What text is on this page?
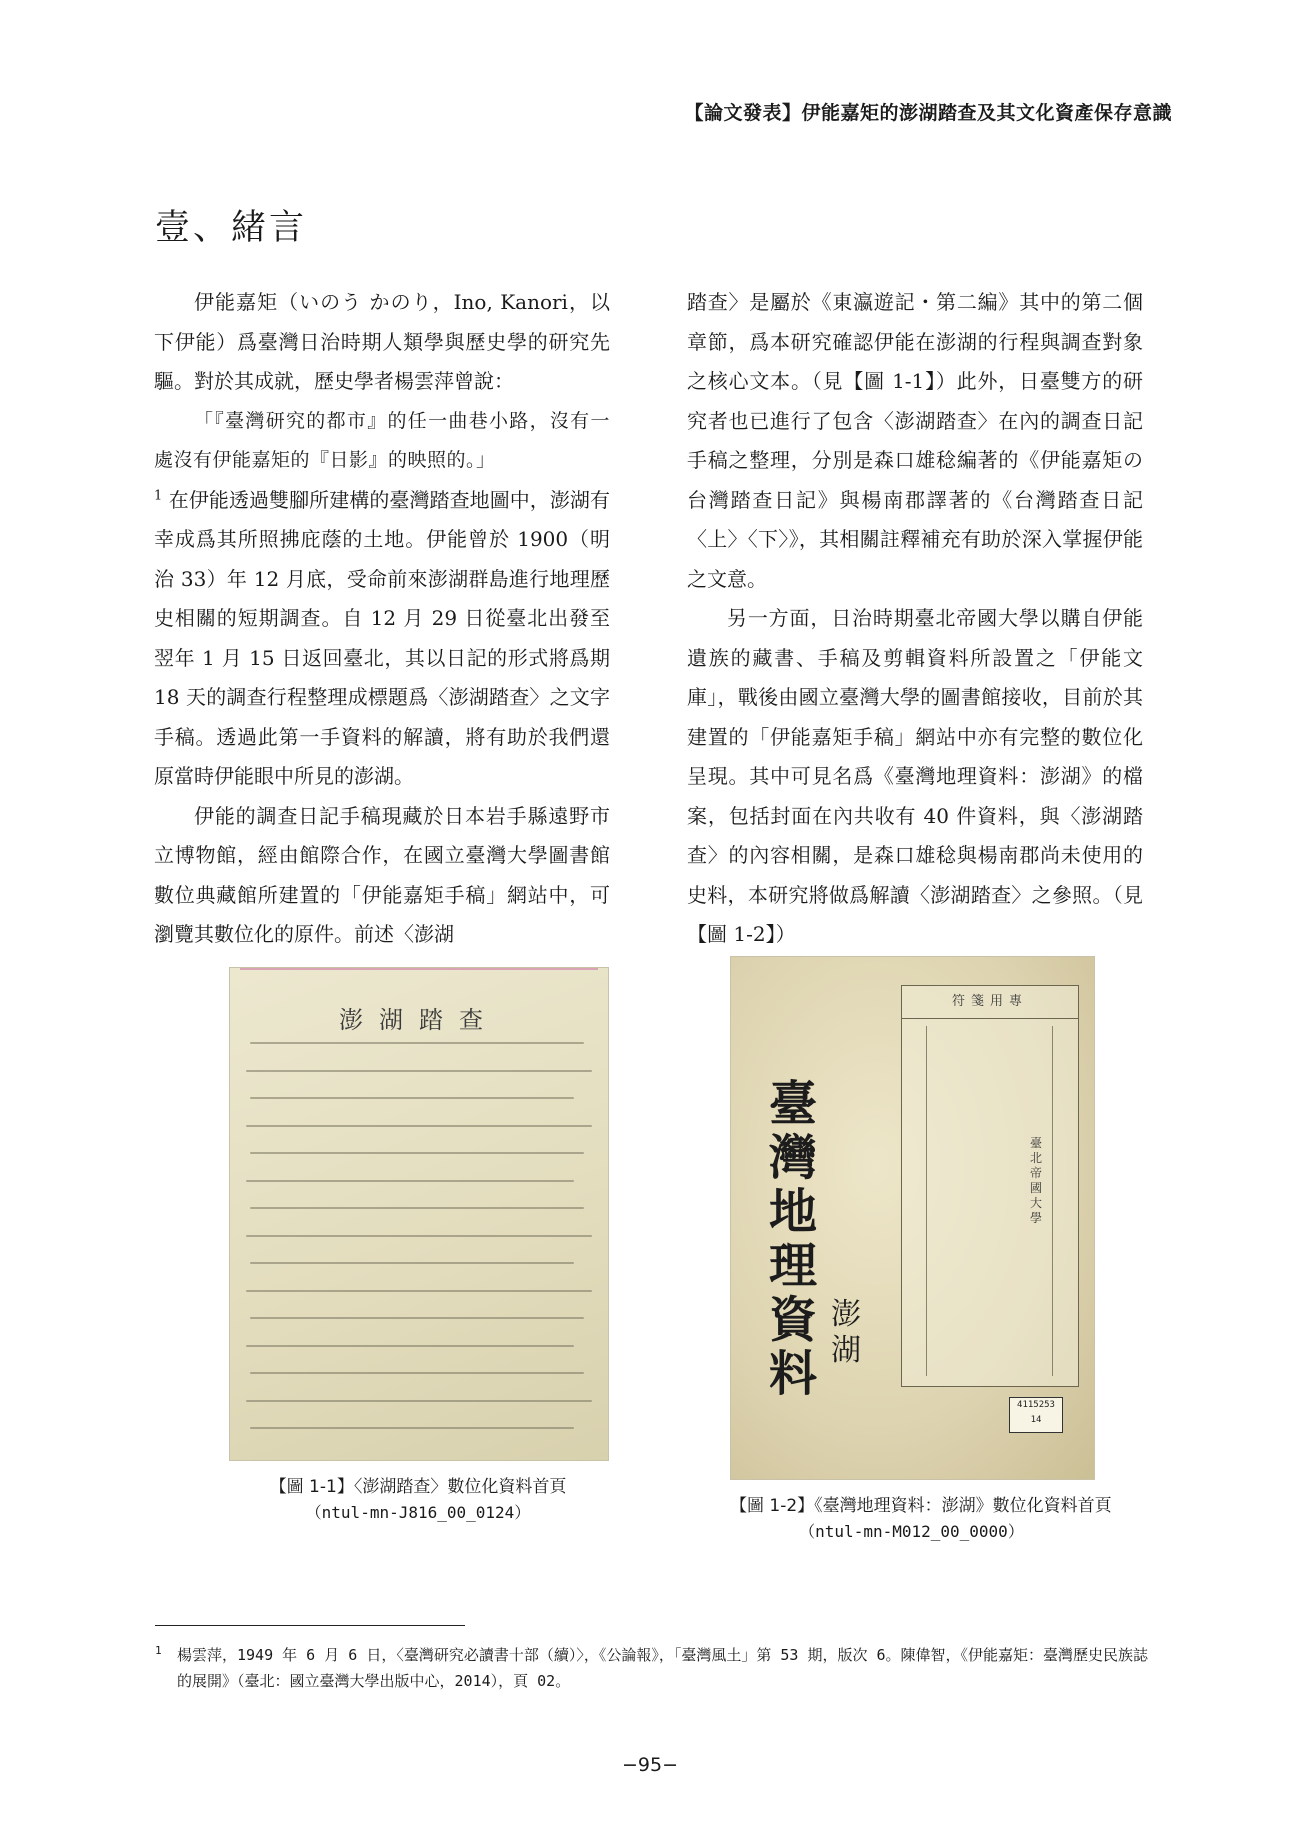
【論文發表】伊能嘉矩的澎湖踏查及其文化資產保存意識
壹、緒言

伊能嘉矩（いのう かのり，Ino, Kanori，以下伊能）爲臺灣日治時期人類學與歷史學的研究先驅。對於其成就，歷史學者楊雲萍曾說：
「『臺灣研究的都市』的任一曲巷小路，沒有一處沒有伊能嘉矩的『日影』的映照的。」
$^1$ 在伊能透過雙腳所建構的臺灣踏查地圖中，澎湖有幸成爲其所照拂庇蔭的土地。伊能曾於 1900（明治 33）年 12 月底，受命前來澎湖群島進行地理歷史相關的短期調查。自 12 月 29 日從臺北出發至翌年 1 月 15 日返回臺北，其以日記的形式將爲期 18 天的調查行程整理成標題爲〈澎湖踏查〉之文字手稿。透過此第一手資料的解讀，將有助於我們還原當時伊能眼中所見的澎湖。

伊能的調查日記手稿現藏於日本岩手縣遠野市立博物館，經由館際合作，在國立臺灣大學圖書館數位典藏館所建置的「伊能嘉矩手稿」網站中，可瀏覽其數位化的原件。前述〈澎湖

踏查〉是屬於《東瀛遊記・第二編》其中的第二個章節，爲本研究確認伊能在澎湖的行程與調查對象之核心文本。（見【圖 1-1】）此外，日臺雙方的研究者也已進行了包含〈澎湖踏查〉在內的調查日記手稿之整理，分別是森口雄稔編著的《伊能嘉矩の台灣踏查日記》與楊南郡譯著的《台灣踏查日記〈上〉〈下〉》，其相關註釋補充有助於深入掌握伊能之文意。

另一方面，日治時期臺北帝國大學以購自伊能遺族的藏書、手稿及剪輯資料所設置之「伊能文庫」，戰後由國立臺灣大學的圖書館接收，目前於其建置的「伊能嘉矩手稿」網站中亦有完整的數位化呈現。其中可見名爲《臺灣地理資料：澎湖》的檔案，包括封面在內共收有 40 件資料，與〈澎湖踏查〉的內容相關，是森口雄稔與楊南郡尚未使用的史料，本研究將做爲解讀〈澎湖踏查〉之參照。（見【圖 1-2】）

澎湖踏查
【圖 1-1】〈澎湖踏查〉數位化資料首頁
（ntul-mn-J816_00_0124）
符箋用專
臺北帝國大學
臺灣地理資料
澎湖
4115253 14
【圖 1-2】《臺灣地理資料：澎湖》數位化資料首頁
（ntul-mn-M012_00_0000）
1 楊雲萍，1949 年 6 月 6 日，〈臺灣研究必讀書十部（續）〉，《公論報》，「臺灣風土」第 53 期，版次 6。陳偉智，《伊能嘉矩：臺灣歷史民族誌的展開》（臺北：國立臺灣大學出版中心，2014），頁 02。
−95−
